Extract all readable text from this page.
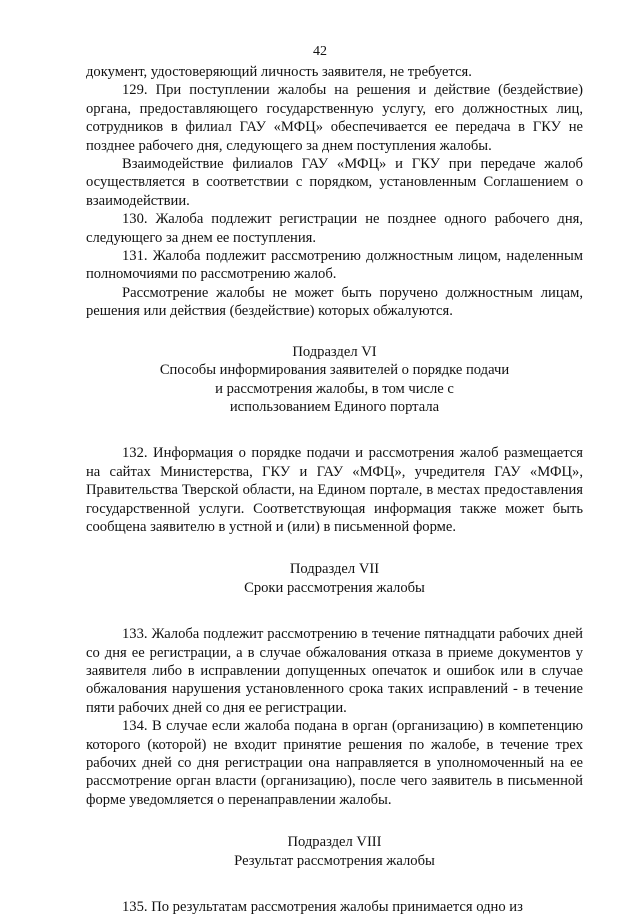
42

документ, удостоверяющий личность заявителя, не требуется.

129. При поступлении жалобы на решения и действие (бездействие) органа, предоставляющего государственную услугу, его должностных лиц, сотрудников в филиал ГАУ «МФЦ» обеспечивается ее передача в ГКУ не позднее рабочего дня, следующего за днем поступления жалобы.

Взаимодействие филиалов ГАУ «МФЦ» и ГКУ при передаче жалоб осуществляется в соответствии с порядком, установленным Соглашением о взаимодействии.

130. Жалоба подлежит регистрации не позднее одного рабочего дня, следующего за днем ее поступления.

131. Жалоба подлежит рассмотрению должностным лицом, наделенным полномочиями по рассмотрению жалоб.

Рассмотрение жалобы не может быть поручено должностным лицам, решения или действия (бездействие) которых обжалуются.

Подраздел VI
Способы информирования заявителей о порядке подачи
и рассмотрения жалобы, в том числе с
использованием Единого портала

132. Информация о порядке подачи и рассмотрения жалоб размещается на сайтах Министерства, ГКУ и ГАУ «МФЦ», учредителя ГАУ «МФЦ», Правительства Тверской области, на Едином портале, в местах предоставления государственной услуги. Соответствующая информация также может быть сообщена заявителю в устной и (или) в письменной форме.

Подраздел VII
Сроки рассмотрения жалобы

133. Жалоба подлежит рассмотрению в течение пятнадцати рабочих дней со дня ее регистрации, а в случае обжалования отказа в приеме документов у заявителя либо в исправлении допущенных опечаток и ошибок или в случае обжалования нарушения установленного срока таких исправлений - в течение пяти рабочих дней со дня ее регистрации.

134. В случае если жалоба подана в орган (организацию) в компетенцию которого (которой) не входит принятие решения по жалобе, в течение трех рабочих дней со дня регистрации она направляется в уполномоченный на ее рассмотрение орган власти (организацию), после чего заявитель в письменной форме уведомляется о перенаправлении жалобы.

Подраздел VIII
Результат рассмотрения жалобы

135. По результатам рассмотрения жалобы принимается одно из
